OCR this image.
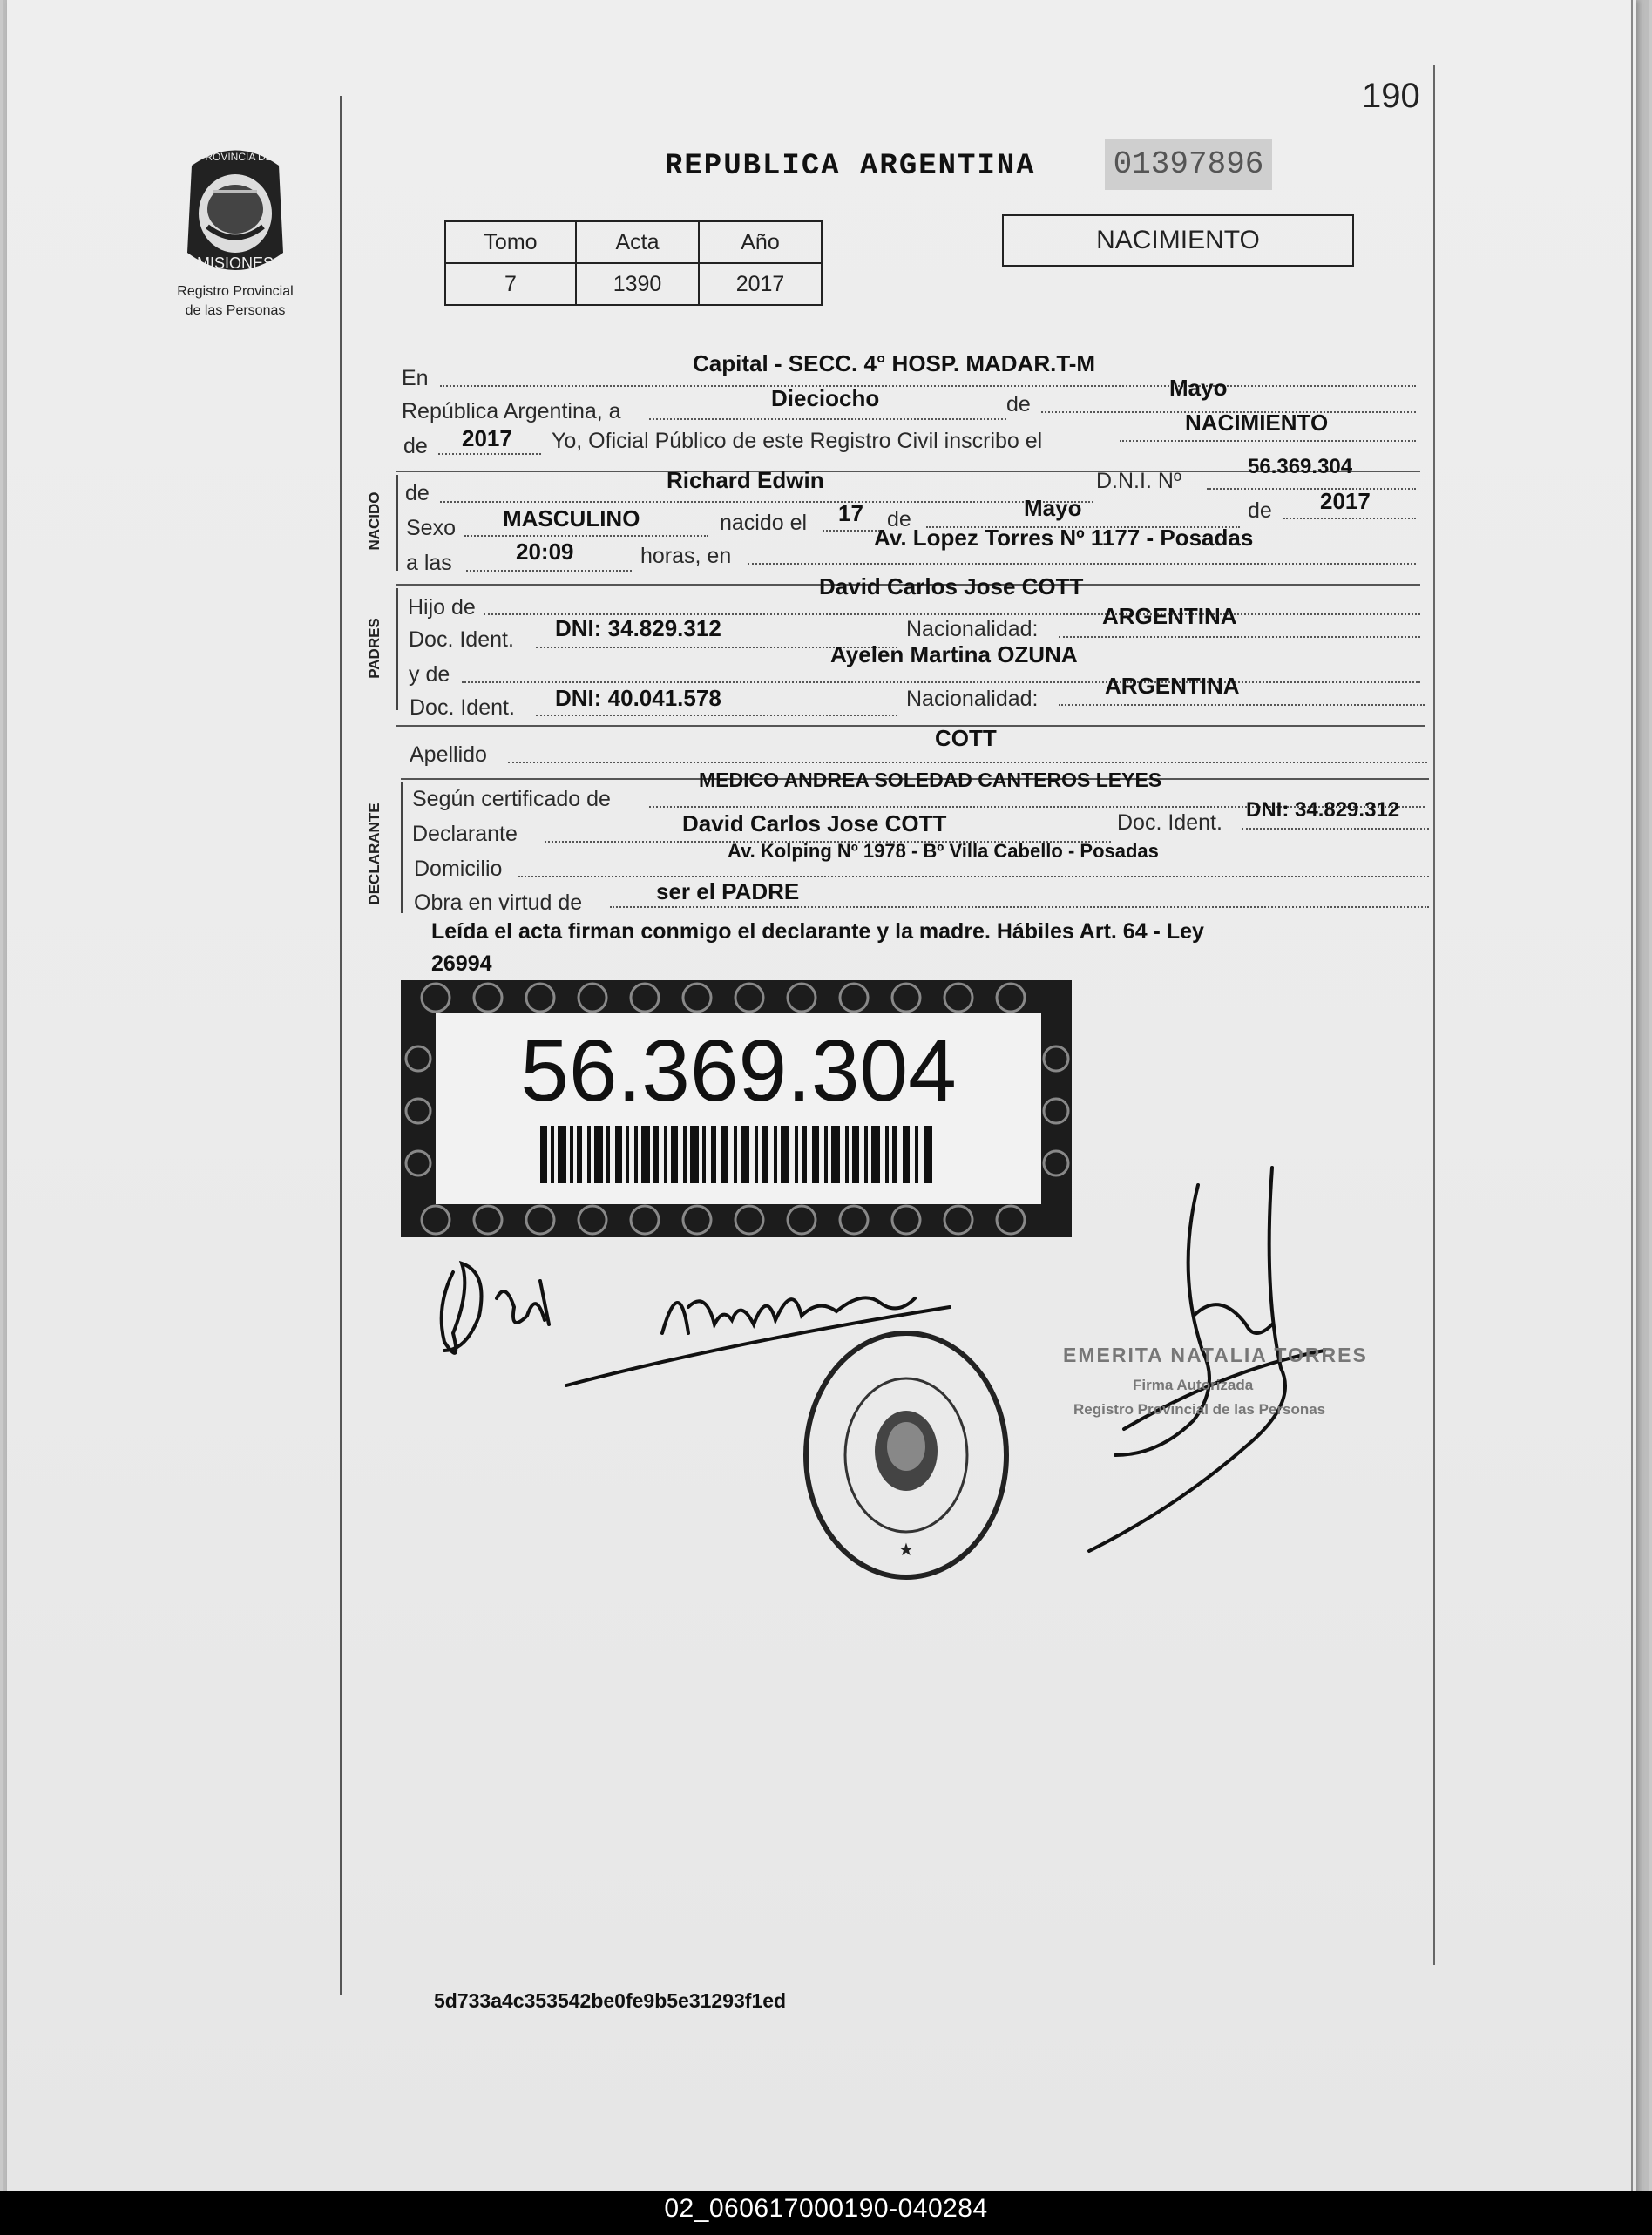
190
PROVINCIA DE
MISIONES
Registro Provincial
de las Personas
REPUBLICA ARGENTINA 01397896
Tomo	Acta	Año
7	1390	2017
NACIMIENTO
En
Capital - SECC. 4° HOSP. MADAR.T-M
República Argentina, a	Dieciocho	de
Mayo
de 2017 Yo, Oficial Público de este Registro Civil inscribo el
NACIMIENTO
NACIDO de	Richard Edwin	D.N.I. Nº
56.369.304
Sexo MASCULINO	nacido el 17 de	Mayo	de 2017
a las	20:09	horas, en
Av. Lopez Torres Nº 1177 - Posadas
PADRES
Hijo de
David Carlos Jose COTT
Doc. Ident. DNI: 34.829.312	Nacionalidad:	ARGENTINA
y de
Ayelen Martina OZUNA
Doc. Ident. DNI: 40.041.578	Nacionalidad:	ARGENTINA
Apellido
COTT
DECLARANTE
Según certificado de
MEDICO ANDREA SOLEDAD CANTEROS LEYES
Declarante	David Carlos Jose COTT	Doc. Ident.
DNI: 34.829.312
Domicilio
Av. Kolping Nº 1978 - Bº Villa Cabello - Posadas
Obra en virtud de	ser el PADRE
Leída el acta firman conmigo el declarante y la madre. Hábiles Art. 64 - Ley
26994
56.369.304
EMERITA NATALIA TORRES
Firma Autorizada
Registro Provincial de las Personas
★
5d733a4c353542be0fe9b5e31293f1ed
02_060617000190-040284
